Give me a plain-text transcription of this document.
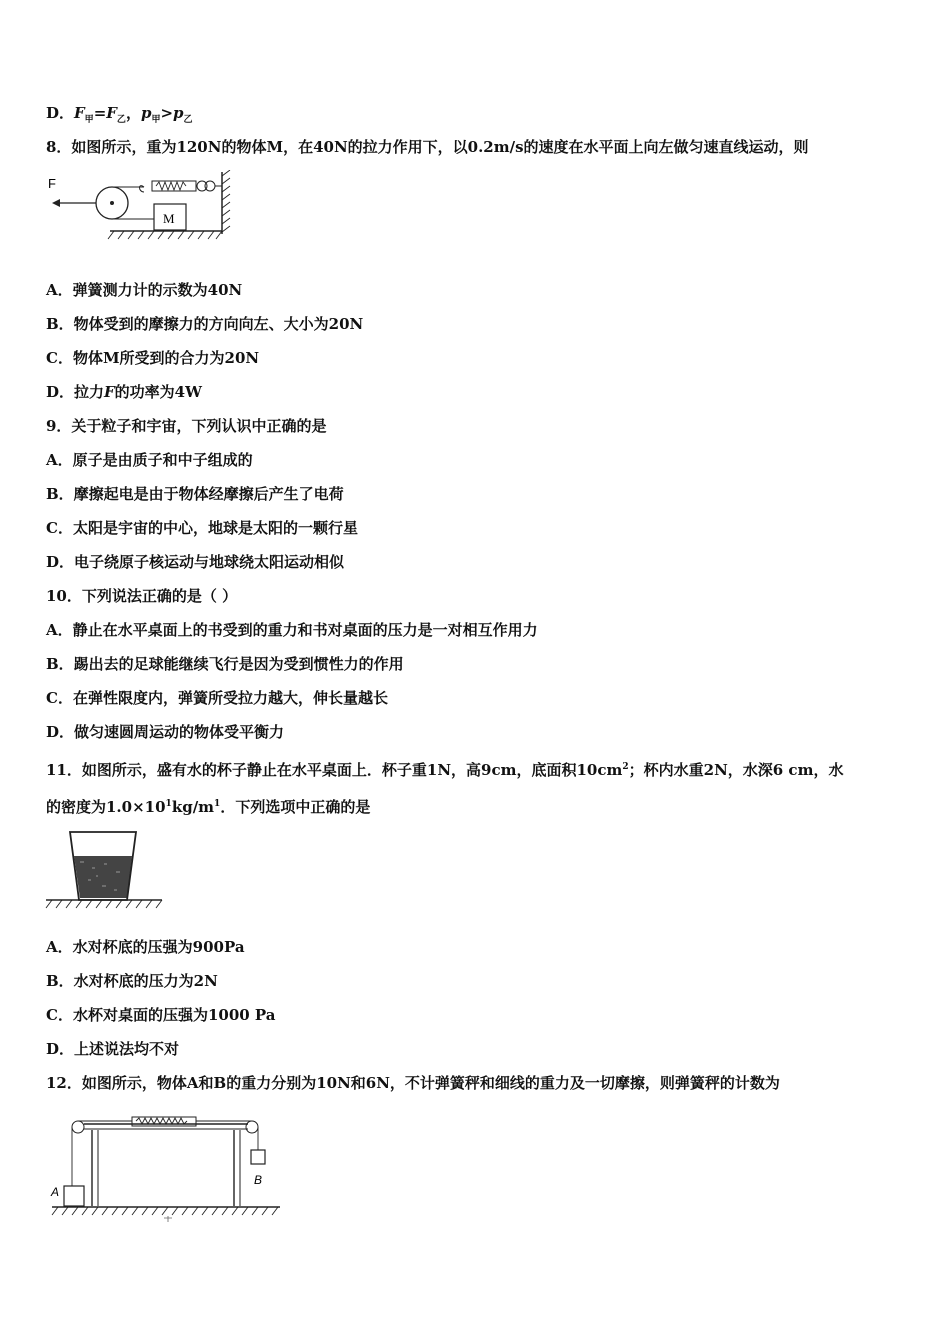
D．$F_甲=F_乙$，$p_甲>p_乙$
8．如图所示，重为120N的物体M，在40N的拉力作用下，以0.2m/s的速度在水平面上向左做匀速直线运动，则
F
M
A．弹簧测力计的示数为40N
B．物体受到的摩擦力的方向向左、大小为20N
C．物体M所受到的合力为20N
D．拉力F的功率为4W
9．关于粒子和宇宙，下列认识中正确的是
A．原子是由质子和中子组成的
B．摩擦起电是由于物体经摩擦后产生了电荷
C．太阳是宇宙的中心，地球是太阳的一颗行星
D．电子绕原子核运动与地球绕太阳运动相似
10．下列说法正确的是（ ）
A．静止在水平桌面上的书受到的重力和书对桌面的压力是一对相互作用力
B．踢出去的足球能继续飞行是因为受到惯性力的作用
C．在弹性限度内，弹簧所受拉力越大，伸长量越长
D．做匀速圆周运动的物体受平衡力
11．如图所示，盛有水的杯子静止在水平桌面上．杯子重1N，高9cm，底面积$10cm^2$；杯内水重2N，水深6 cm，水
的密度为$1.0\times 10^1kg/m^1$．下列选项中正确的是
A．水对杯底的压强为900Pa
B．水对杯底的压力为2N
C．水杯对桌面的压强为1000 Pa
D．上述说法均不对
12．如图所示，物体A和B的重力分别为10N和6N，不计弹簧秤和细线的重力及一切摩擦，则弹簧秤的计数为
A
B
